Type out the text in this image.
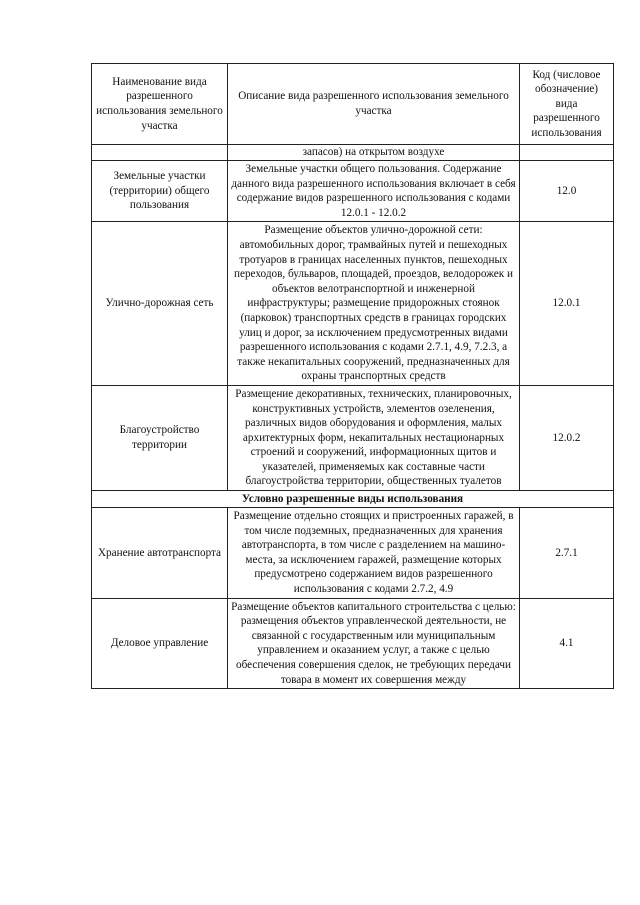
Наименование вида разрешенного использования земельного участка	Описание вида разрешенного использования земельного участка	Код (числовое обозначение) вида разрешенного использования
	запасов) на открытом воздухе	
Земельные участки (территории) общего пользования	Земельные участки общего пользования. Содержание данного вида разрешенного использования включает в себя содержание видов разрешенного использования с кодами 12.0.1 - 12.0.2	12.0
Улично-дорожная сеть	Размещение объектов улично-дорожной сети: автомобильных дорог, трамвайных путей и пешеходных тротуаров в границах населенных пунктов, пешеходных переходов, бульваров, площадей, проездов, велодорожек и объектов велотранспортной и инженерной инфраструктуры; размещение придорожных стоянок (парковок) транспортных средств в границах городских улиц и дорог, за исключением предусмотренных видами разрешенного использования с кодами 2.7.1, 4.9, 7.2.3, а также некапитальных сооружений, предназначенных для охраны транспортных средств	12.0.1
Благоустройство территории	Размещение декоративных, технических, планировочных, конструктивных устройств, элементов озеленения, различных видов оборудования и оформления, малых архитектурных форм, некапитальных нестационарных строений и сооружений, информационных щитов и указателей, применяемых как составные части благоустройства территории, общественных туалетов	12.0.2
Условно разрешенные виды использования		
Хранение автотранспорта	Размещение отдельно стоящих и пристроенных гаражей, в том числе подземных, предназначенных для хранения автотранспорта, в том числе с разделением на машино-места, за исключением гаражей, размещение которых предусмотрено содержанием видов разрешенного использования с кодами 2.7.2, 4.9	2.7.1
Деловое управление	Размещение объектов капитального строительства с целью: размещения объектов управленческой деятельности, не связанной с государственным или муниципальным управлением и оказанием услуг, а также с целью обеспечения совершения сделок, не требующих передачи товара в момент их совершения между	4.1
